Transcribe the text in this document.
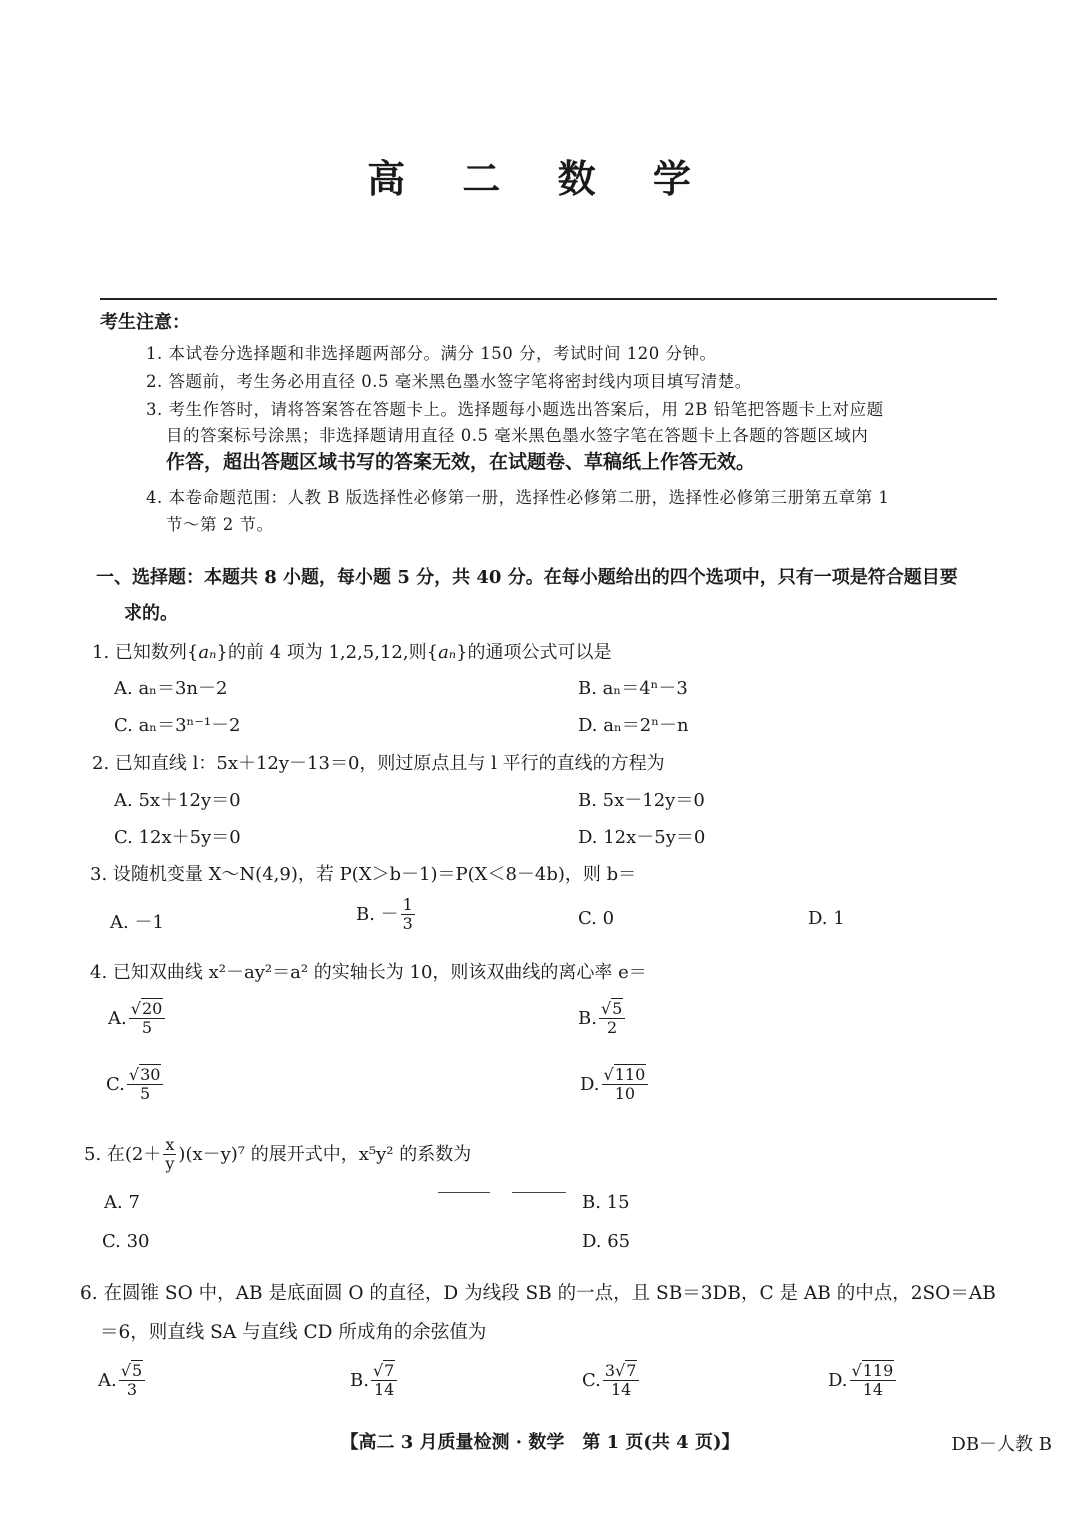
高 二 数 学
考生注意：
1. 本试卷分选择题和非选择题两部分。满分 150 分，考试时间 120 分钟。
2. 答题前，考生务必用直径 0.5 毫米黑色墨水签字笔将密封线内项目填写清楚。
3. 考生作答时，请将答案答在答题卡上。选择题每小题选出答案后，用 2B 铅笔把答题卡上对应题
目的答案标号涂黑；非选择题请用直径 0.5 毫米黑色墨水签字笔在答题卡上各题的答题区域内
作答，超出答题区域书写的答案无效，在试题卷、草稿纸上作答无效。
4. 本卷命题范围：人教 B 版选择性必修第一册，选择性必修第二册，选择性必修第三册第五章第 1
节～第 2 节。
一、选择题：本题共 8 小题，每小题 5 分，共 40 分。在每小题给出的四个选项中，只有一项是符合题目要
求的。
1. 已知数列{aₙ}的前 4 项为 1,2,5,12,则{aₙ}的通项公式可以是
A. aₙ＝3n－2	B. aₙ＝4ⁿ－3
C. aₙ＝3ⁿ⁻¹－2	D. aₙ＝2ⁿ－n
2. 已知直线 l：5x＋12y－13＝0，则过原点且与 l 平行的直线的方程为
A. 5x＋12y＝0	B. 5x－12y＝0
C. 12x＋5y＝0	D. 12x－5y＝0
3. 设随机变量 X～N(4,9)，若 P(X＞b－1)＝P(X＜8－4b)，则 b＝
A. －1	B. － $\frac{1}{3}$	C. 0	D. 1
4. 已知双曲线 x²－ay²＝a² 的实轴长为 10，则该双曲线的离心率 e＝
A. $\frac{√20}{5}$	B. $\frac{√5}{2}$
C. $\frac{√30}{5}$	D. $\frac{√110}{10}$
5. 在$(2+ \frac{x}{y} )(x-y)^7$ 的展开式中，x⁵y² 的系数为
A. 7	B. 15
C. 30	D. 65
6. 在圆锥 SO 中，AB 是底面圆 O 的直径，D 为线段 SB 的一点，且 SB＝3DB，C 是 AB 的中点，2SO＝AB
＝6，则直线 SA 与直线 CD 所成角的余弦值为
A. $\frac{√5}{3}$	B. $\frac{√7}{14}$	C. $\frac{3√7}{14}$	D. $\frac{√119}{14}$
【高二 3 月质量检测 · 数学　第 1 页(共 4 页)】	DB－人教 B
